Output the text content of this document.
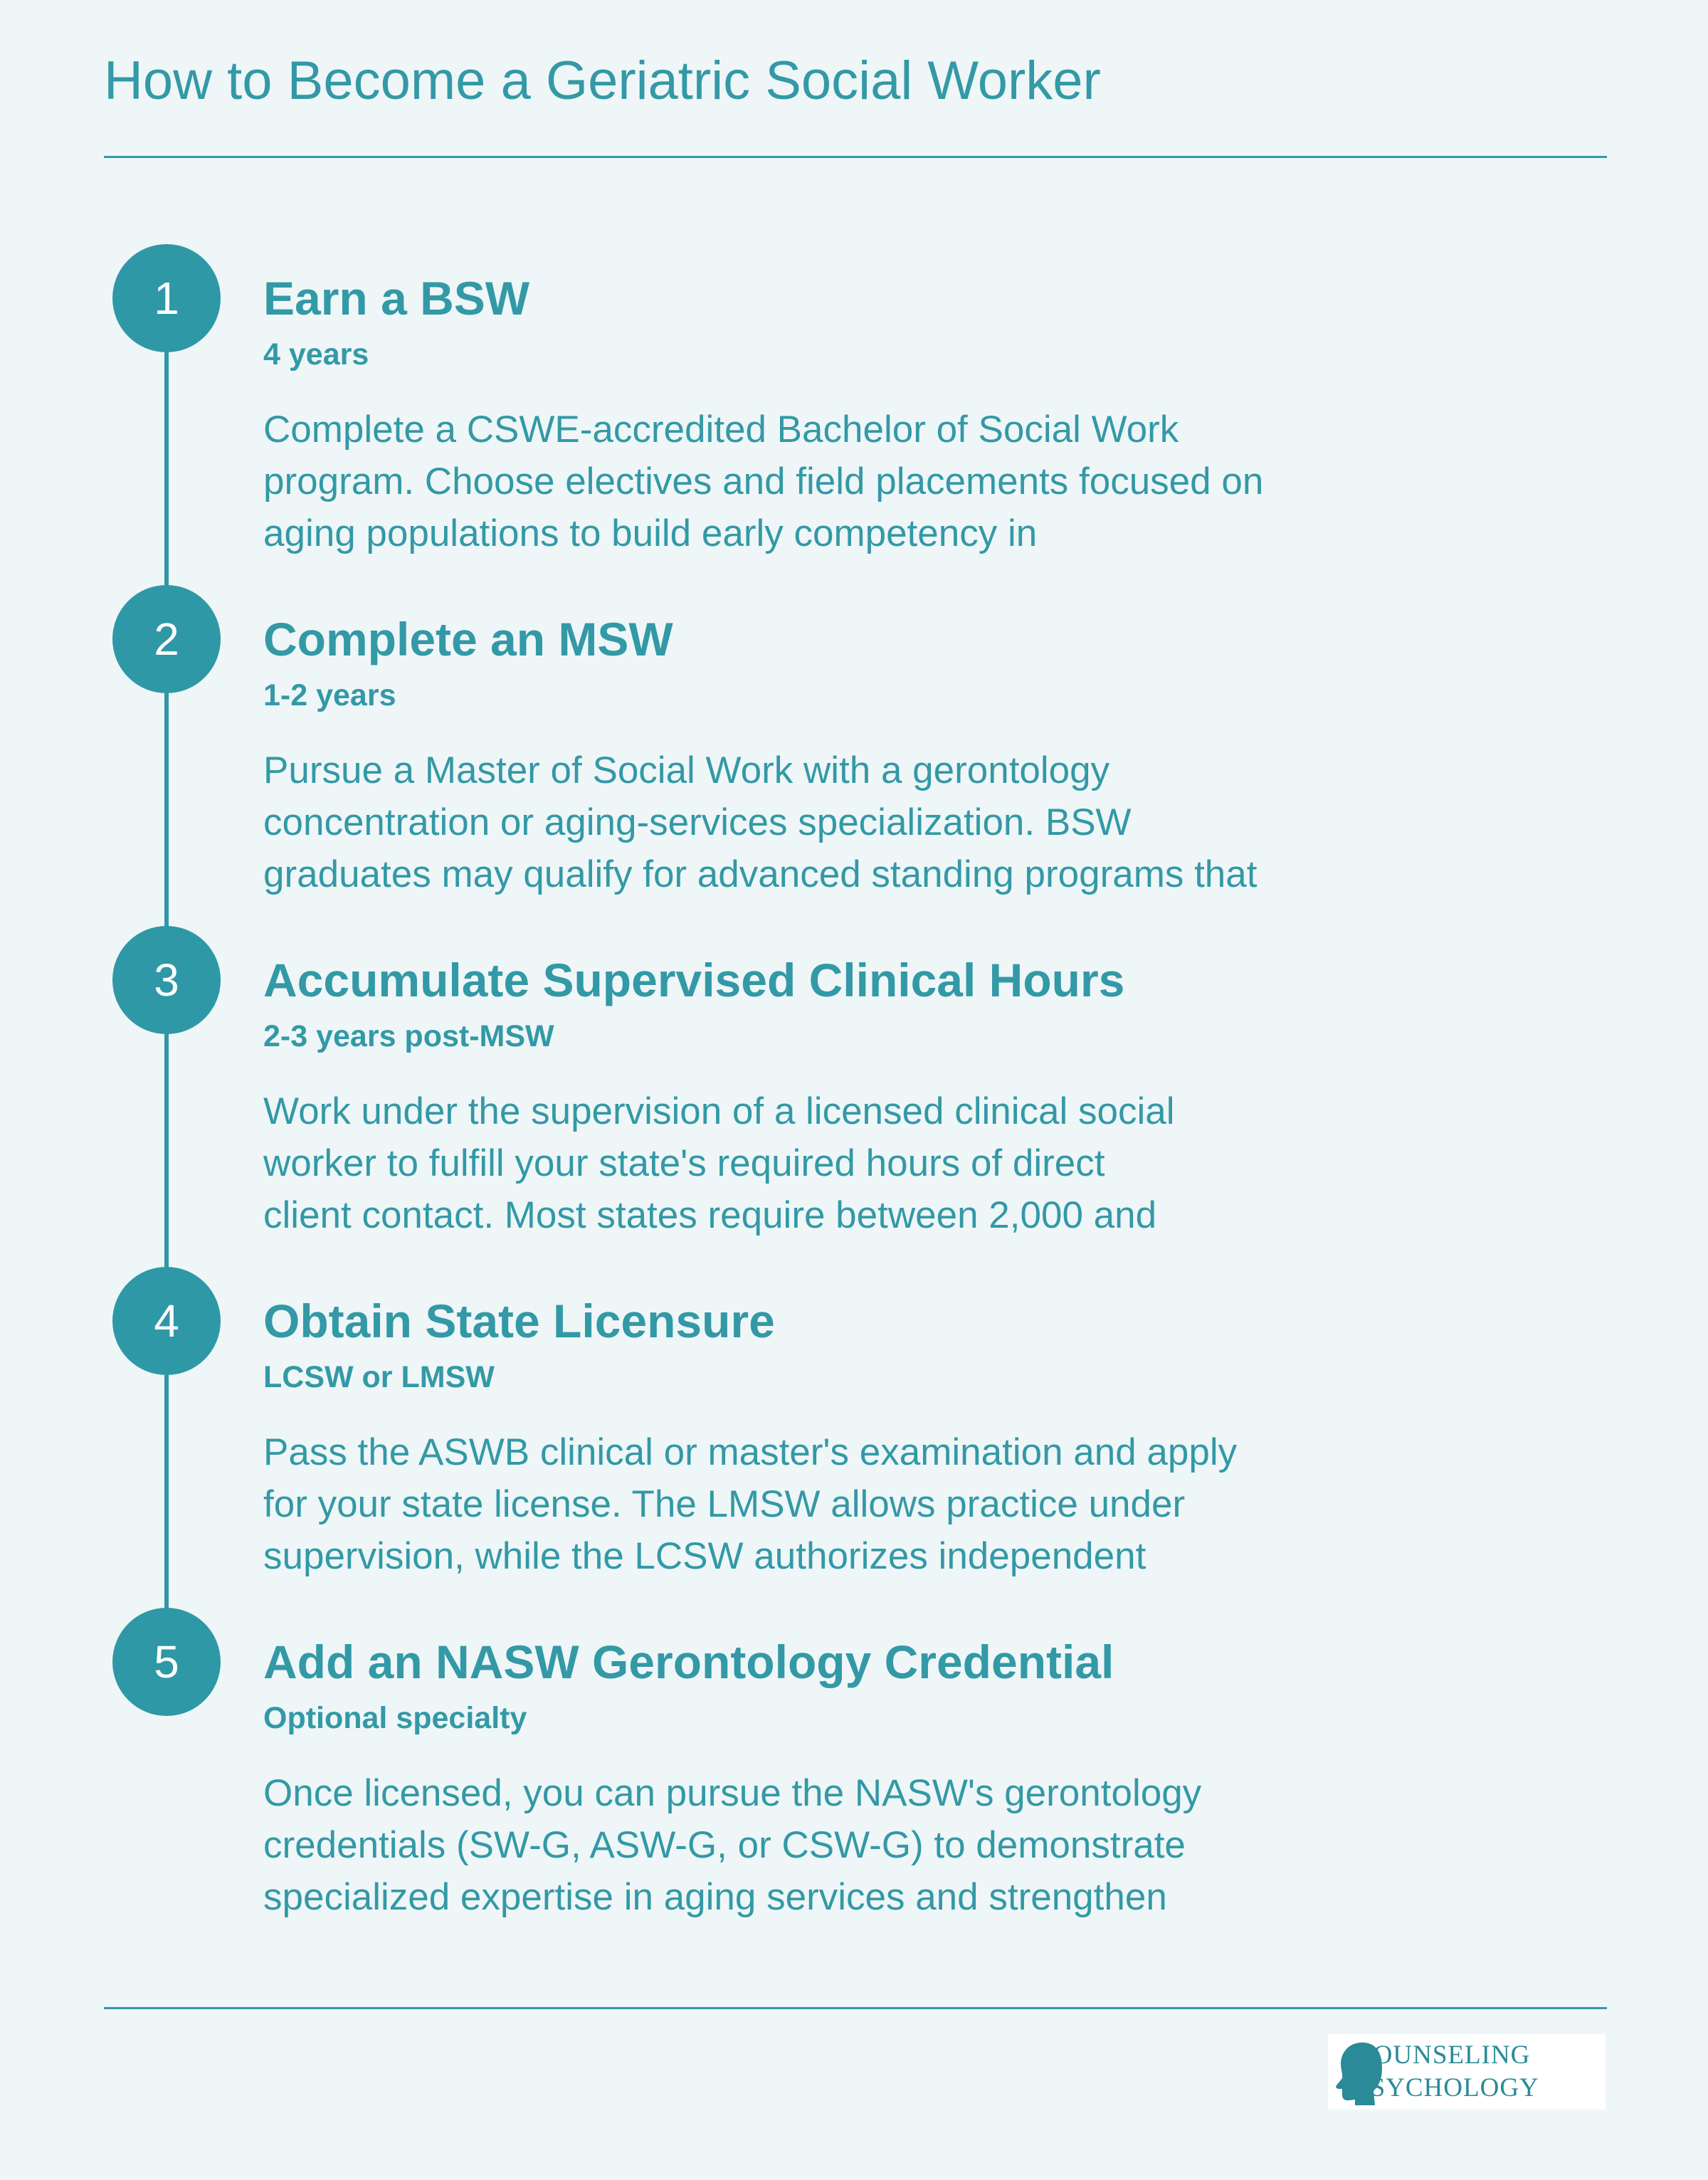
How to Become a Geriatric Social Worker
1	Earn a BSW
4 years
Complete a CSWE-accredited Bachelor of Social Work
program. Choose electives and field placements focused on
aging populations to build early competency in
2	Complete an MSW
1-2 years
Pursue a Master of Social Work with a gerontology
concentration or aging-services specialization. BSW
graduates may qualify for advanced standing programs that
3	Accumulate Supervised Clinical Hours
2-3 years post-MSW
Work under the supervision of a licensed clinical social
worker to fulfill your state's required hours of direct
client contact. Most states require between 2,000 and
4	Obtain State Licensure
LCSW or LMSW
Pass the ASWB clinical or master's examination and apply
for your state license. The LMSW allows practice under
supervision, while the LCSW authorizes independent
5	Add an NASW Gerontology Credential
Optional specialty
Once licensed, you can pursue the NASW's gerontology
credentials (SW-G, ASW-G, or CSW-G) to demonstrate
specialized expertise in aging services and strengthen
COUNSELING
PSYCHOLOGY
